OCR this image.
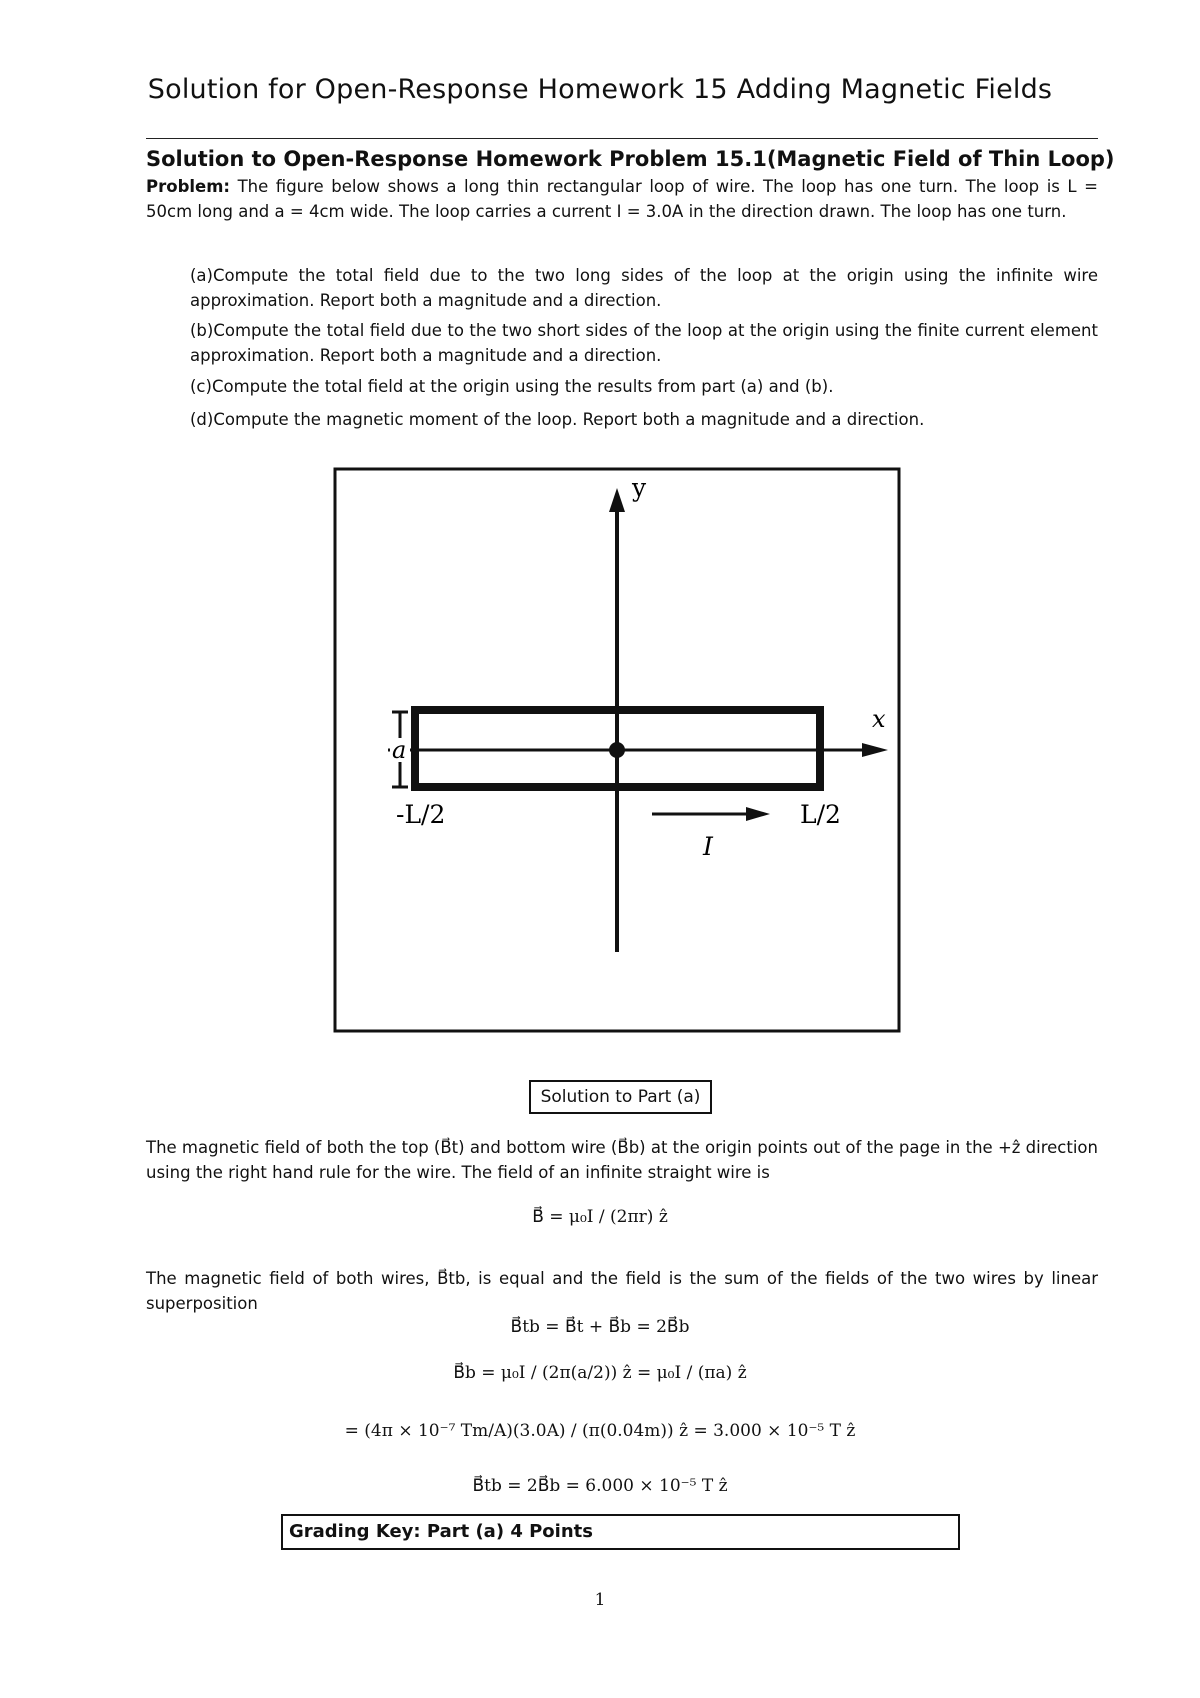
Solution for Open-Response Homework 15 Adding Magnetic Fields
Solution to Open-Response Homework Problem 15.1(Magnetic Field of Thin Loop)
Problem: The figure below shows a long thin rectangular loop of wire. The loop has one turn. The loop is L = 50cm long and a = 4cm wide. The loop carries a current I = 3.0A in the direction drawn. The loop has one turn.
(a)Compute the total field due to the two long sides of the loop at the origin using the infinite wire approximation. Report both a magnitude and a direction.
(b)Compute the total field due to the two short sides of the loop at the origin using the finite current element approximation. Report both a magnitude and a direction.
(c)Compute the total field at the origin using the results from part (a) and (b).
(d)Compute the magnetic moment of the loop. Report both a magnitude and a direction.
y
x
a
-L/2	L/2
I
Solution to Part (a)
The magnetic field of both the top (B⃗t) and bottom wire (B⃗b) at the origin points out of the page in the +ẑ direction using the right hand rule for the wire. The field of an infinite straight wire is
B⃗ = μ₀I / (2πr) ẑ
The magnetic field of both wires, B⃗tb, is equal and the field is the sum of the fields of the two wires by linear superposition
B⃗tb = B⃗t + B⃗b = 2B⃗b
B⃗b = μ₀I / (2π(a/2)) ẑ = μ₀I / (πa) ẑ
= (4π × 10⁻⁷ Tm/A)(3.0A) / (π(0.04m)) ẑ = 3.000 × 10⁻⁵ T ẑ
B⃗tb = 2B⃗b = 6.000 × 10⁻⁵ T ẑ
Grading Key: Part (a) 4 Points
1
